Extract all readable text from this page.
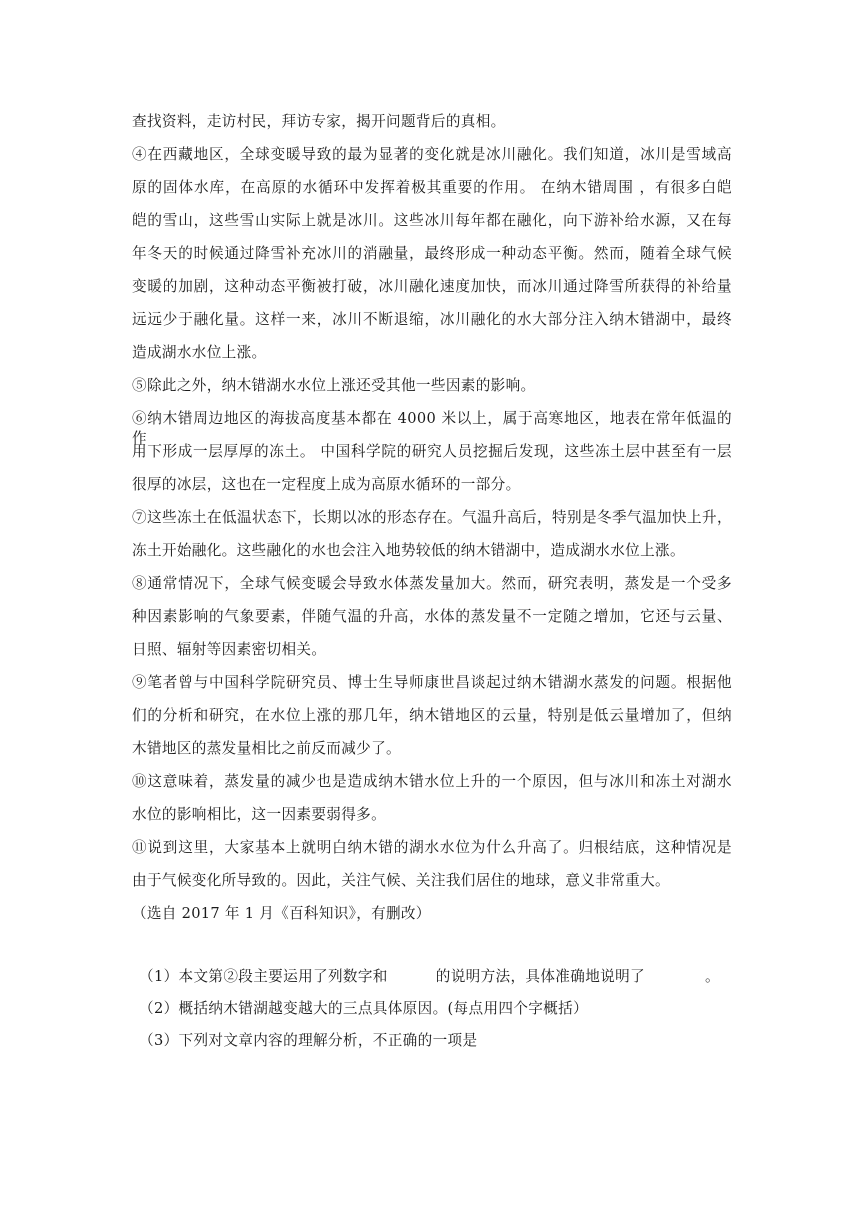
查找资料，走访村民，拜访专家，揭开问题背后的真相。
④在西藏地区，全球变暖导致的最为显著的变化就是冰川融化。我们知道，冰川是雪域高
原的固体水库，在高原的水循环中发挥着极其重要的作用。 在纳木错周围 ，有很多白皑
皑的雪山，这些雪山实际上就是冰川。这些冰川每年都在融化，向下游补给水源，又在每
年冬天的时候通过降雪补充冰川的消融量，最终形成一种动态平衡。然而，随着全球气候
变暖的加剧，这种动态平衡被打破，冰川融化速度加快，而冰川通过降雪所获得的补给量
远远少于融化量。这样一来，冰川不断退缩，冰川融化的水大部分注入纳木错湖中，最终
造成湖水水位上涨。
⑤除此之外，纳木错湖水水位上涨还受其他一些因素的影响。
⑥纳木错周边地区的海拔高度基本都在 4000 米以上，属于高寒地区，地表在常年低温的作
用下形成一层厚厚的冻土。 中国科学院的研究人员挖掘后发现，这些冻土层中甚至有一层
很厚的冰层，这也在一定程度上成为高原水循环的一部分。
⑦这些冻土在低温状态下，长期以冰的形态存在。气温升高后，特别是冬季气温加快上升，
冻土开始融化。这些融化的水也会注入地势较低的纳木错湖中，造成湖水水位上涨。
⑧通常情况下，全球气候变暖会导致水体蒸发量加大。然而，研究表明，蒸发是一个受多
种因素影响的气象要素，伴随气温的升高，水体的蒸发量不一定随之增加，它还与云量、
日照、辐射等因素密切相关。
⑨笔者曾与中国科学院研究员、博士生导师康世昌谈起过纳木错湖水蒸发的问题。根据他
们的分析和研究，在水位上涨的那几年，纳木错地区的云量，特别是低云量增加了，但纳
木错地区的蒸发量相比之前反而减少了。
⑩这意味着，蒸发量的减少也是造成纳木错水位上升的一个原因，但与冰川和冻土对湖水
水位的影响相比，这一因素要弱得多。
⑪说到这里，大家基本上就明白纳木错的湖水水位为什么升高了。归根结底，这种情况是
由于气候变化所导致的。因此，关注气候、关注我们居住的地球，意义非常重大。
（选自 2017 年 1 月《百科知识》，有删改）
（1）本文第②段主要运用了列数字和	的说明方法，具体准确地说明了	。
（2）概括纳木错湖越变越大的三点具体原因。(每点用四个字概括）
（3）下列对文章内容的理解分析，不正确的一项是
